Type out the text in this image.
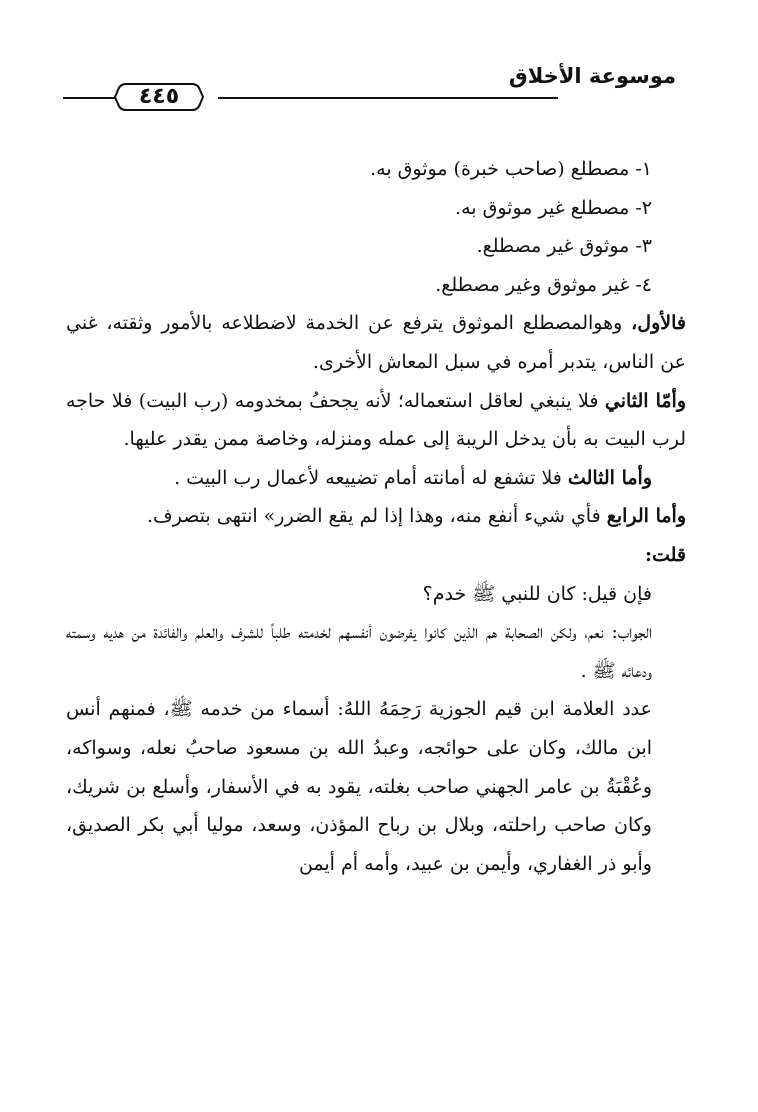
موسوعة الأخلاق
٤٤٥

١- مصطلع (صاحب خبرة) موثوق به.

٢- مصطلع غير موثوق به.

٣- موثوق غير مصطلع.

٤- غير موثوق وغير مصطلع.

فالأول، وهوالمصطلع الموثوق يترفع عن الخدمة لاضطلاعه بالأمور وثقته، غني عن الناس، يتدبر أمره في سبل المعاش الأخرى.

وأمّا الثاني فلا ينبغي لعاقل استعماله؛ لأنه يجحفُ بمخدومه (رب البيت) فلا حاجه لرب البيت به بأن يدخل الريبة إلى عمله ومنزله، وخاصة ممن يقدر عليها.

وأما الثالث فلا تشفع له أمانته أمام تضييعه لأعمال رب البيت .

وأما الرابع فأي شيء أنفع منه، وهذا إذا لم يقع الضرر» انتهى بتصرف.

قلت:

فإن قيل: كان للنبي ﷺ خدم؟

الجواب: نعم، ولكن الصحابة هم الذين كانوا يفرضون أنفسهم لخدمته طلباً للشرف والعلم والفائدة من هديه وسمته ودعائه ﷺ .

عدد العلامة ابن قيم الجوزية رَحِمَهُ اللهُ: أسماء من خدمه ﷺ، فمنهم أنس ابن مالك، وكان على حوائجه، وعبدُ الله بن مسعود صاحبُ نعله، وسواكه، وعُقْبَةُ بن عامر الجهني صاحب بغلته، يقود به في الأسفار، وأسلع بن شريك، وكان صاحب راحلته، وبلال بن رباح المؤذن، وسعد، موليا أبي بكر الصديق، وأبو ذر الغفاري، وأيمن بن عبيد، وأمه أم أيمن
